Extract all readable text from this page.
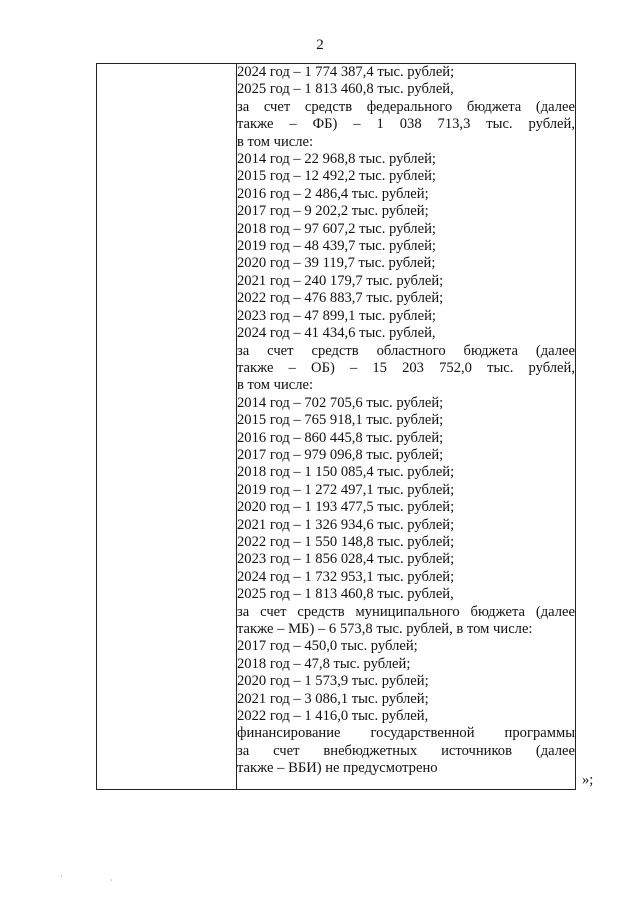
2

2024 год – 1 774 387,4 тыс. рублей;
2025 год – 1 813 460,8 тыс. рублей,
за счет средств федерального бюджета (далее
также – ФБ) – 1 038 713,3 тыс. рублей,
в том числе:
2014 год – 22 968,8 тыс. рублей;
2015 год – 12 492,2 тыс. рублей;
2016 год – 2 486,4 тыс. рублей;
2017 год – 9 202,2 тыс. рублей;
2018 год – 97 607,2 тыс. рублей;
2019 год – 48 439,7 тыс. рублей;
2020 год – 39 119,7 тыс. рублей;
2021 год – 240 179,7 тыс. рублей;
2022 год – 476 883,7 тыс. рублей;
2023 год – 47 899,1 тыс. рублей;
2024 год – 41 434,6 тыс. рублей,
за счет средств областного бюджета (далее
также – ОБ) – 15 203 752,0 тыс. рублей,
в том числе:
2014 год – 702 705,6 тыс. рублей;
2015 год – 765 918,1 тыс. рублей;
2016 год – 860 445,8 тыс. рублей;
2017 год – 979 096,8 тыс. рублей;
2018 год – 1 150 085,4 тыс. рублей;
2019 год – 1 272 497,1 тыс. рублей;
2020 год – 1 193 477,5 тыс. рублей;
2021 год – 1 326 934,6 тыс. рублей;
2022 год – 1 550 148,8 тыс. рублей;
2023 год – 1 856 028,4 тыс. рублей;
2024 год – 1 732 953,1 тыс. рублей;
2025 год – 1 813 460,8 тыс. рублей,
за счет средств муниципального бюджета (далее
также – МБ) – 6 573,8 тыс. рублей, в том числе:
2017 год – 450,0 тыс. рублей;
2018 год – 47,8 тыс. рублей;
2020 год – 1 573,9 тыс. рублей;
2021 год – 3 086,1 тыс. рублей;
2022 год – 1 416,0 тыс. рублей,
финансирование государственной программы
за счет внебюджетных источников (далее
также – ВБИ) не предусмотрено
»;
·	·
